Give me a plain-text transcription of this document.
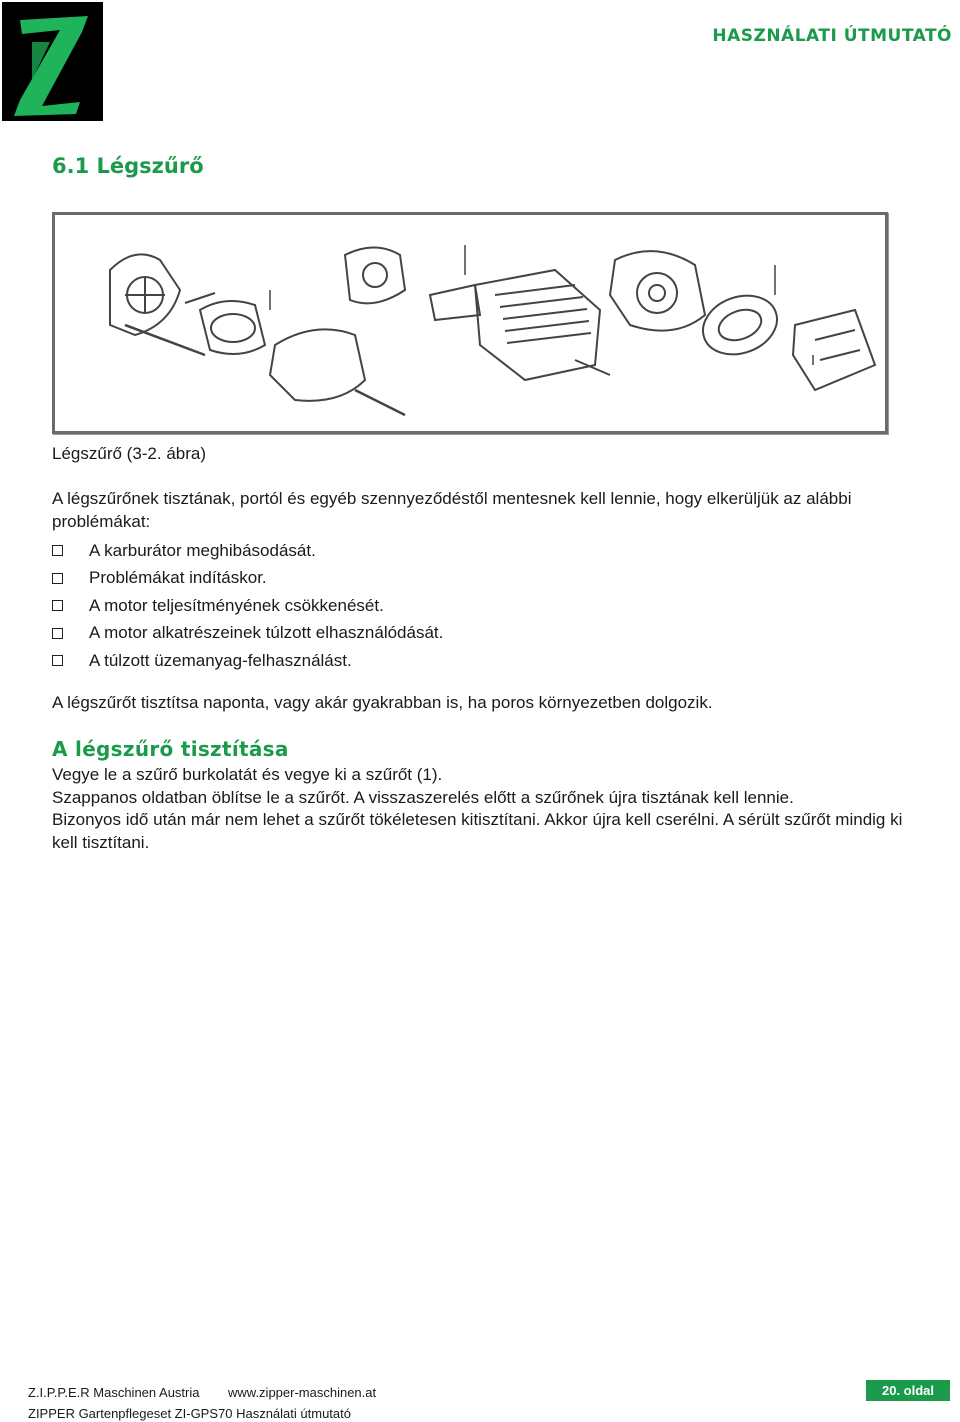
HASZNÁLATI ÚTMUTATÓ
6.1 Légszűrő
Légszűrő (3-2. ábra)
A légszűrőnek tisztának, portól és egyéb szennyeződéstől mentesnek kell lennie, hogy elkerüljük az alábbi problémákat:
A karburátor meghibásodását.
Problémákat indításkor.
A motor teljesítményének csökkenését.
A motor alkatrészeinek túlzott elhasználódását.
A túlzott üzemanyag-felhasználást.
A légszűrőt tisztítsa naponta, vagy akár gyakrabban is, ha poros környezetben dolgozik.
A légszűrő tisztítása

Vegye le a szűrő burkolatát és vegye ki a szűrőt (1).

Szappanos oldatban öblítse le a szűrőt. A visszaszerelés előtt a szűrőnek újra tisztának kell lennie.

Bizonyos idő után már nem lehet a szűrőt tökéletesen kitisztítani. Akkor újra kell cserélni. A sérült szűrőt mindig ki kell tisztítani.

Z.I.P.P.E.R Maschinen Austria www.zipper-maschinen.at
ZIPPER Gartenpflegeset ZI-GPS70 Használati útmutató
20. oldal
